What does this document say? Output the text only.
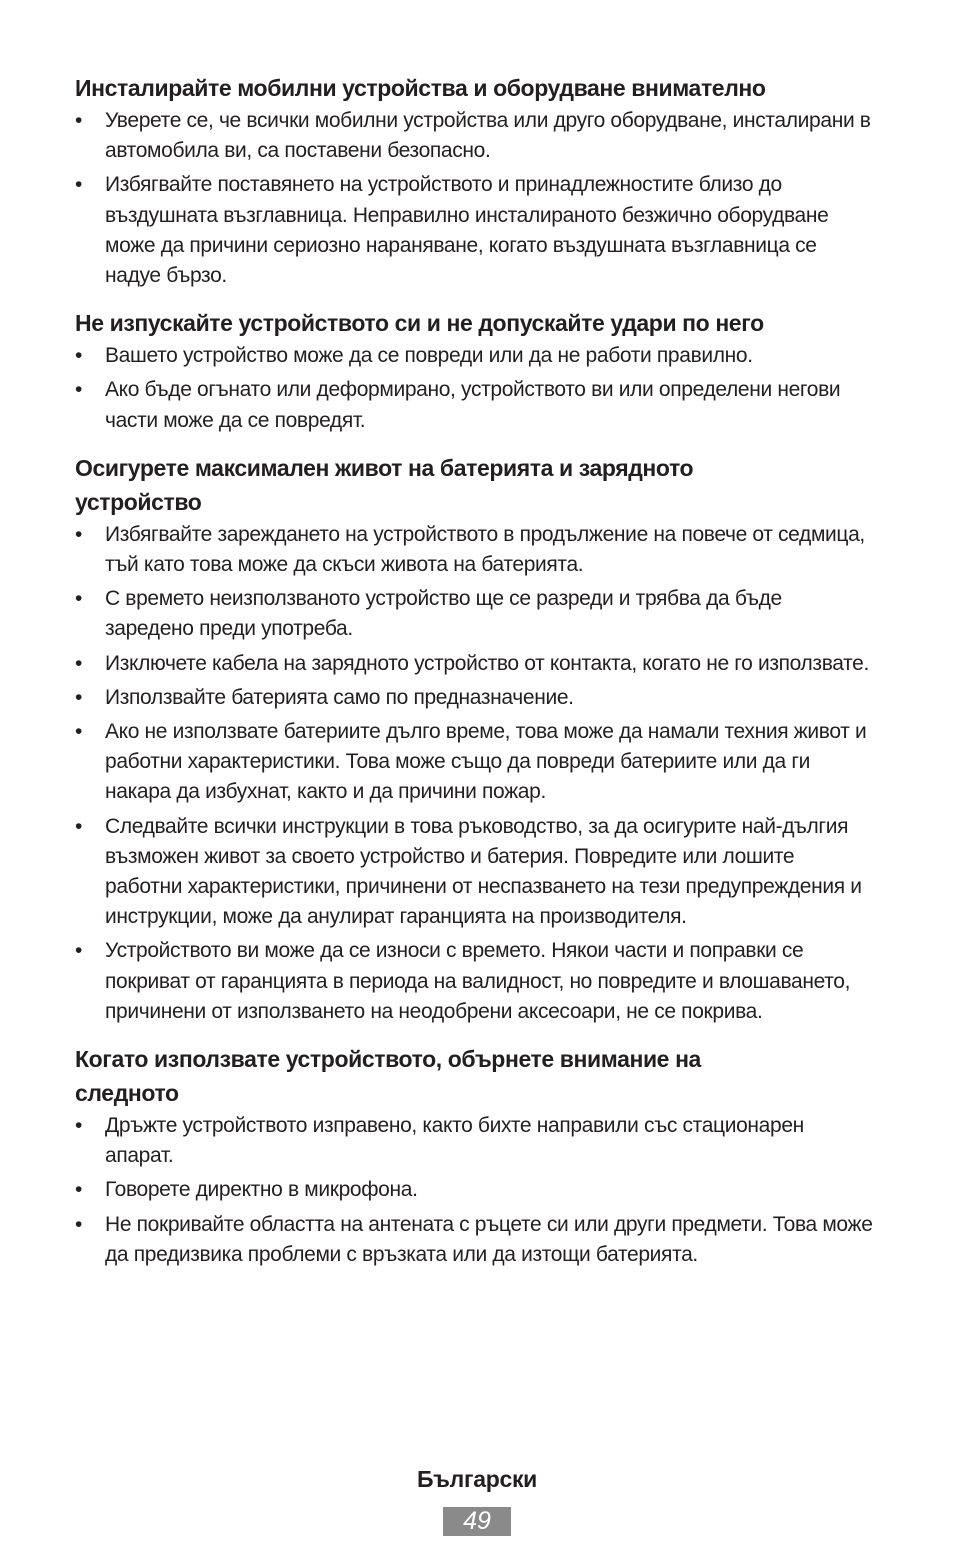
Инсталирайте мобилни устройства и оборудване внимателно
•	Уверете се, че всички мобилни устройства или друго оборудване, инсталирани в автомобила ви, са поставени безопасно.
•	Избягвайте поставянето на устройството и принадлежностите близо до въздушната възглавница. Неправилно инсталираното безжично оборудване може да причини сериозно нараняване, когато въздушната възглавница се надуе бързо.
Не изпускайте устройството си и не допускайте удари по него
•	Вашето устройство може да се повреди или да не работи правилно.
•	Ако бъде огънато или деформирано, устройството ви или определени негови части може да се повредят.
Осигурете максимален живот на батерията и зарядното устройство
•	Избягвайте зареждането на устройството в продължение на повече от седмица, тъй като това може да скъси живота на батерията.
•	С времето неизползваното устройство ще се разреди и трябва да бъде заредено преди употреба.
•	Изключете кабела на зарядното устройство от контакта, когато не го използвате.
•	Използвайте батерията само по предназначение.
•	Ако не използвате батериите дълго време, това може да намали техния живот и работни характеристики. Това може също да повреди батериите или да ги накара да избухнат, както и да причини пожар.
•	Следвайте всички инструкции в това ръководство, за да осигурите най-дългия възможен живот за своето устройство и батерия. Повредите или лошите работни характеристики, причинени от неспазването на тези предупреждения и инструкции, може да анулират гаранцията на производителя.
•	Устройството ви може да се износи с времето. Някои части и поправки се покриват от гаранцията в периода на валидност, но повредите и влошаването, причинени от използването на неодобрени аксесоари, не се покрива.
Когато използвате устройството, обърнете внимание на следното
•	Дръжте устройството изправено, както бихте направили със стационарен апарат.
•	Говорете директно в микрофона.
•	Не покривайте областта на антената с ръцете си или други предмети. Това може да предизвика проблеми с връзката или да изтощи батерията.
Български
49
